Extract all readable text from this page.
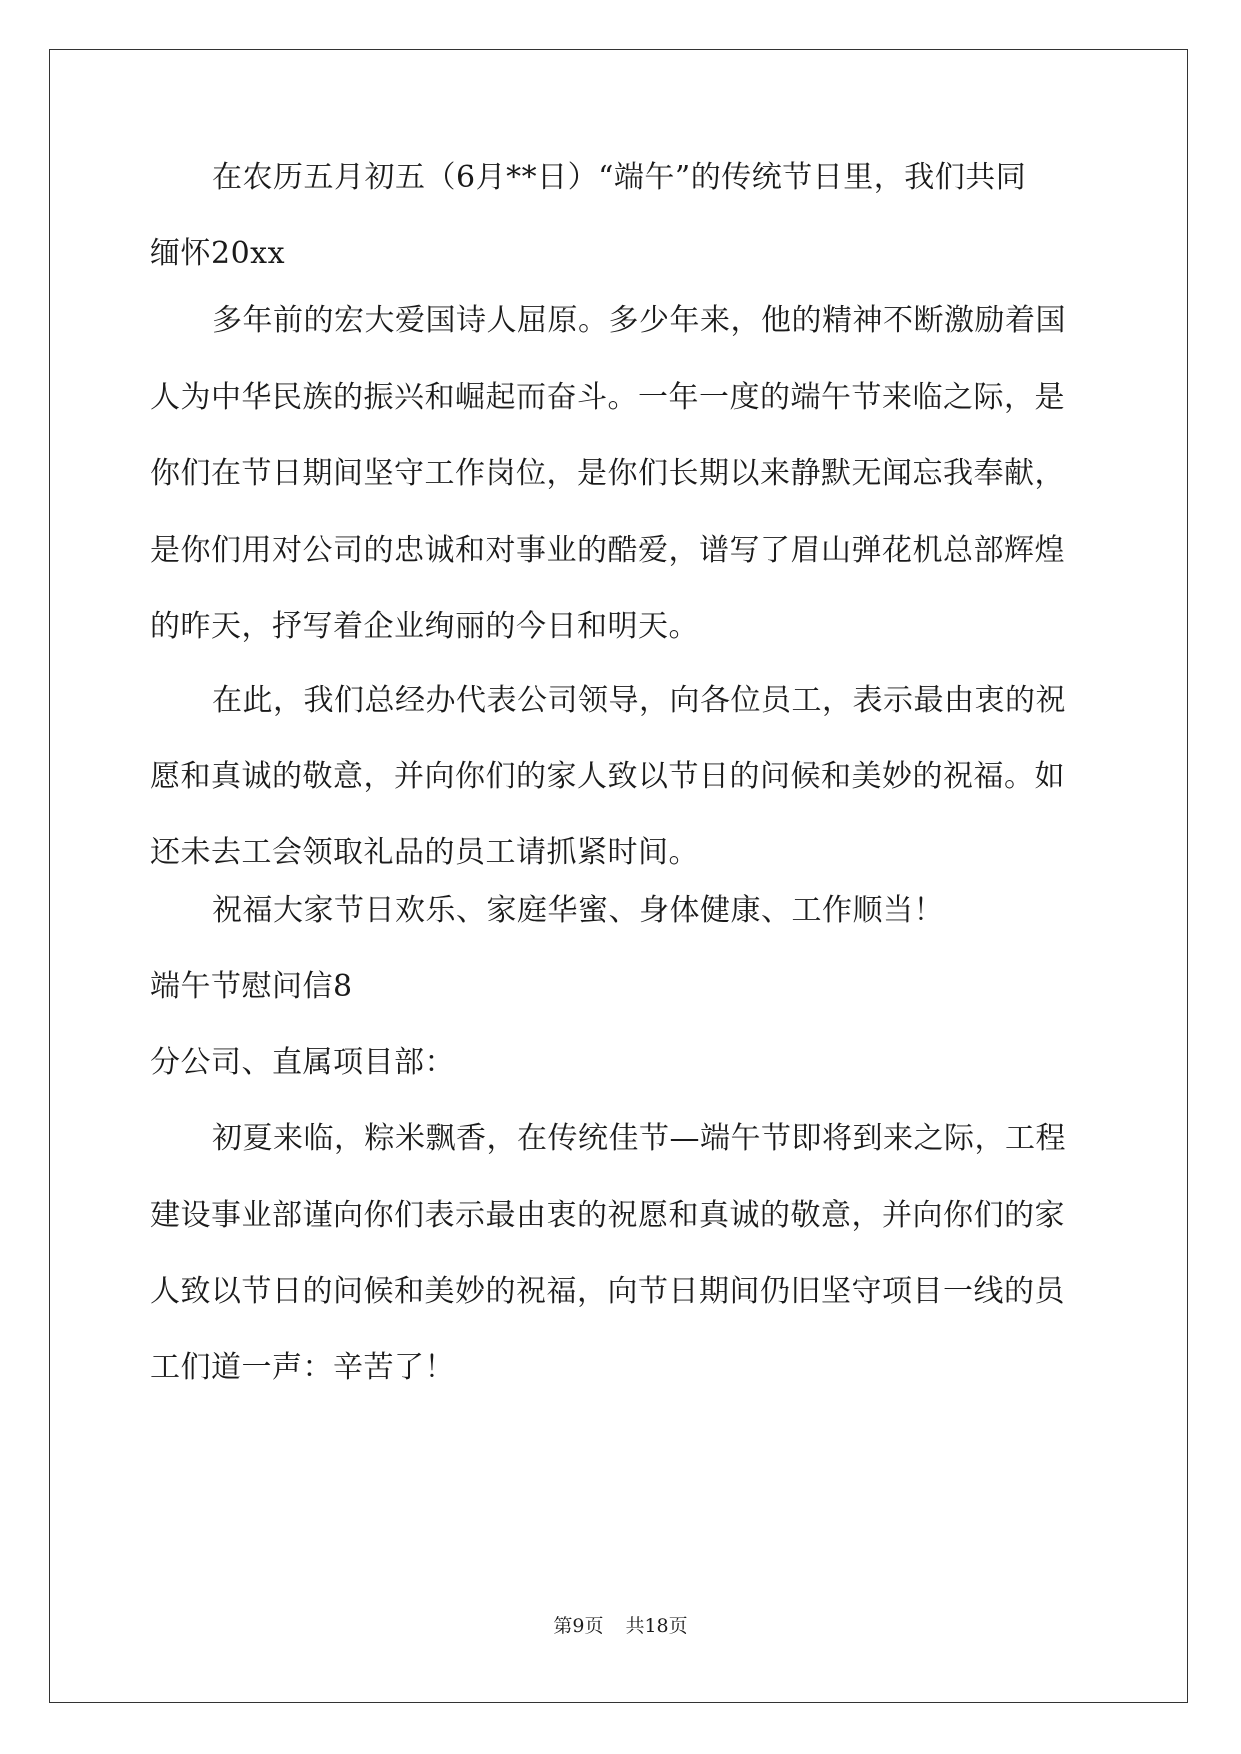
在农历五月初五（6月**日）“端午”的传统节日里，我们共同
缅怀20xx
多年前的宏大爱国诗人屈原。多少年来，他的精神不断激励着国
人为中华民族的振兴和崛起而奋斗。一年一度的端午节来临之际，是
你们在节日期间坚守工作岗位，是你们长期以来静默无闻忘我奉献，
是你们用对公司的忠诚和对事业的酷爱，谱写了眉山弹花机总部辉煌
的昨天，抒写着企业绚丽的今日和明天。
在此，我们总经办代表公司领导，向各位员工，表示最由衷的祝
愿和真诚的敬意，并向你们的家人致以节日的问候和美妙的祝福。如
还未去工会领取礼品的员工请抓紧时间。
祝福大家节日欢乐、家庭华蜜、身体健康、工作顺当！
端午节慰问信8
分公司、直属项目部：
初夏来临，粽米飘香，在传统佳节—端午节即将到来之际，工程
建设事业部谨向你们表示最由衷的祝愿和真诚的敬意，并向你们的家
人致以节日的问候和美妙的祝福，向节日期间仍旧坚守项目一线的员
工们道一声：辛苦了！
第9页 共18页
